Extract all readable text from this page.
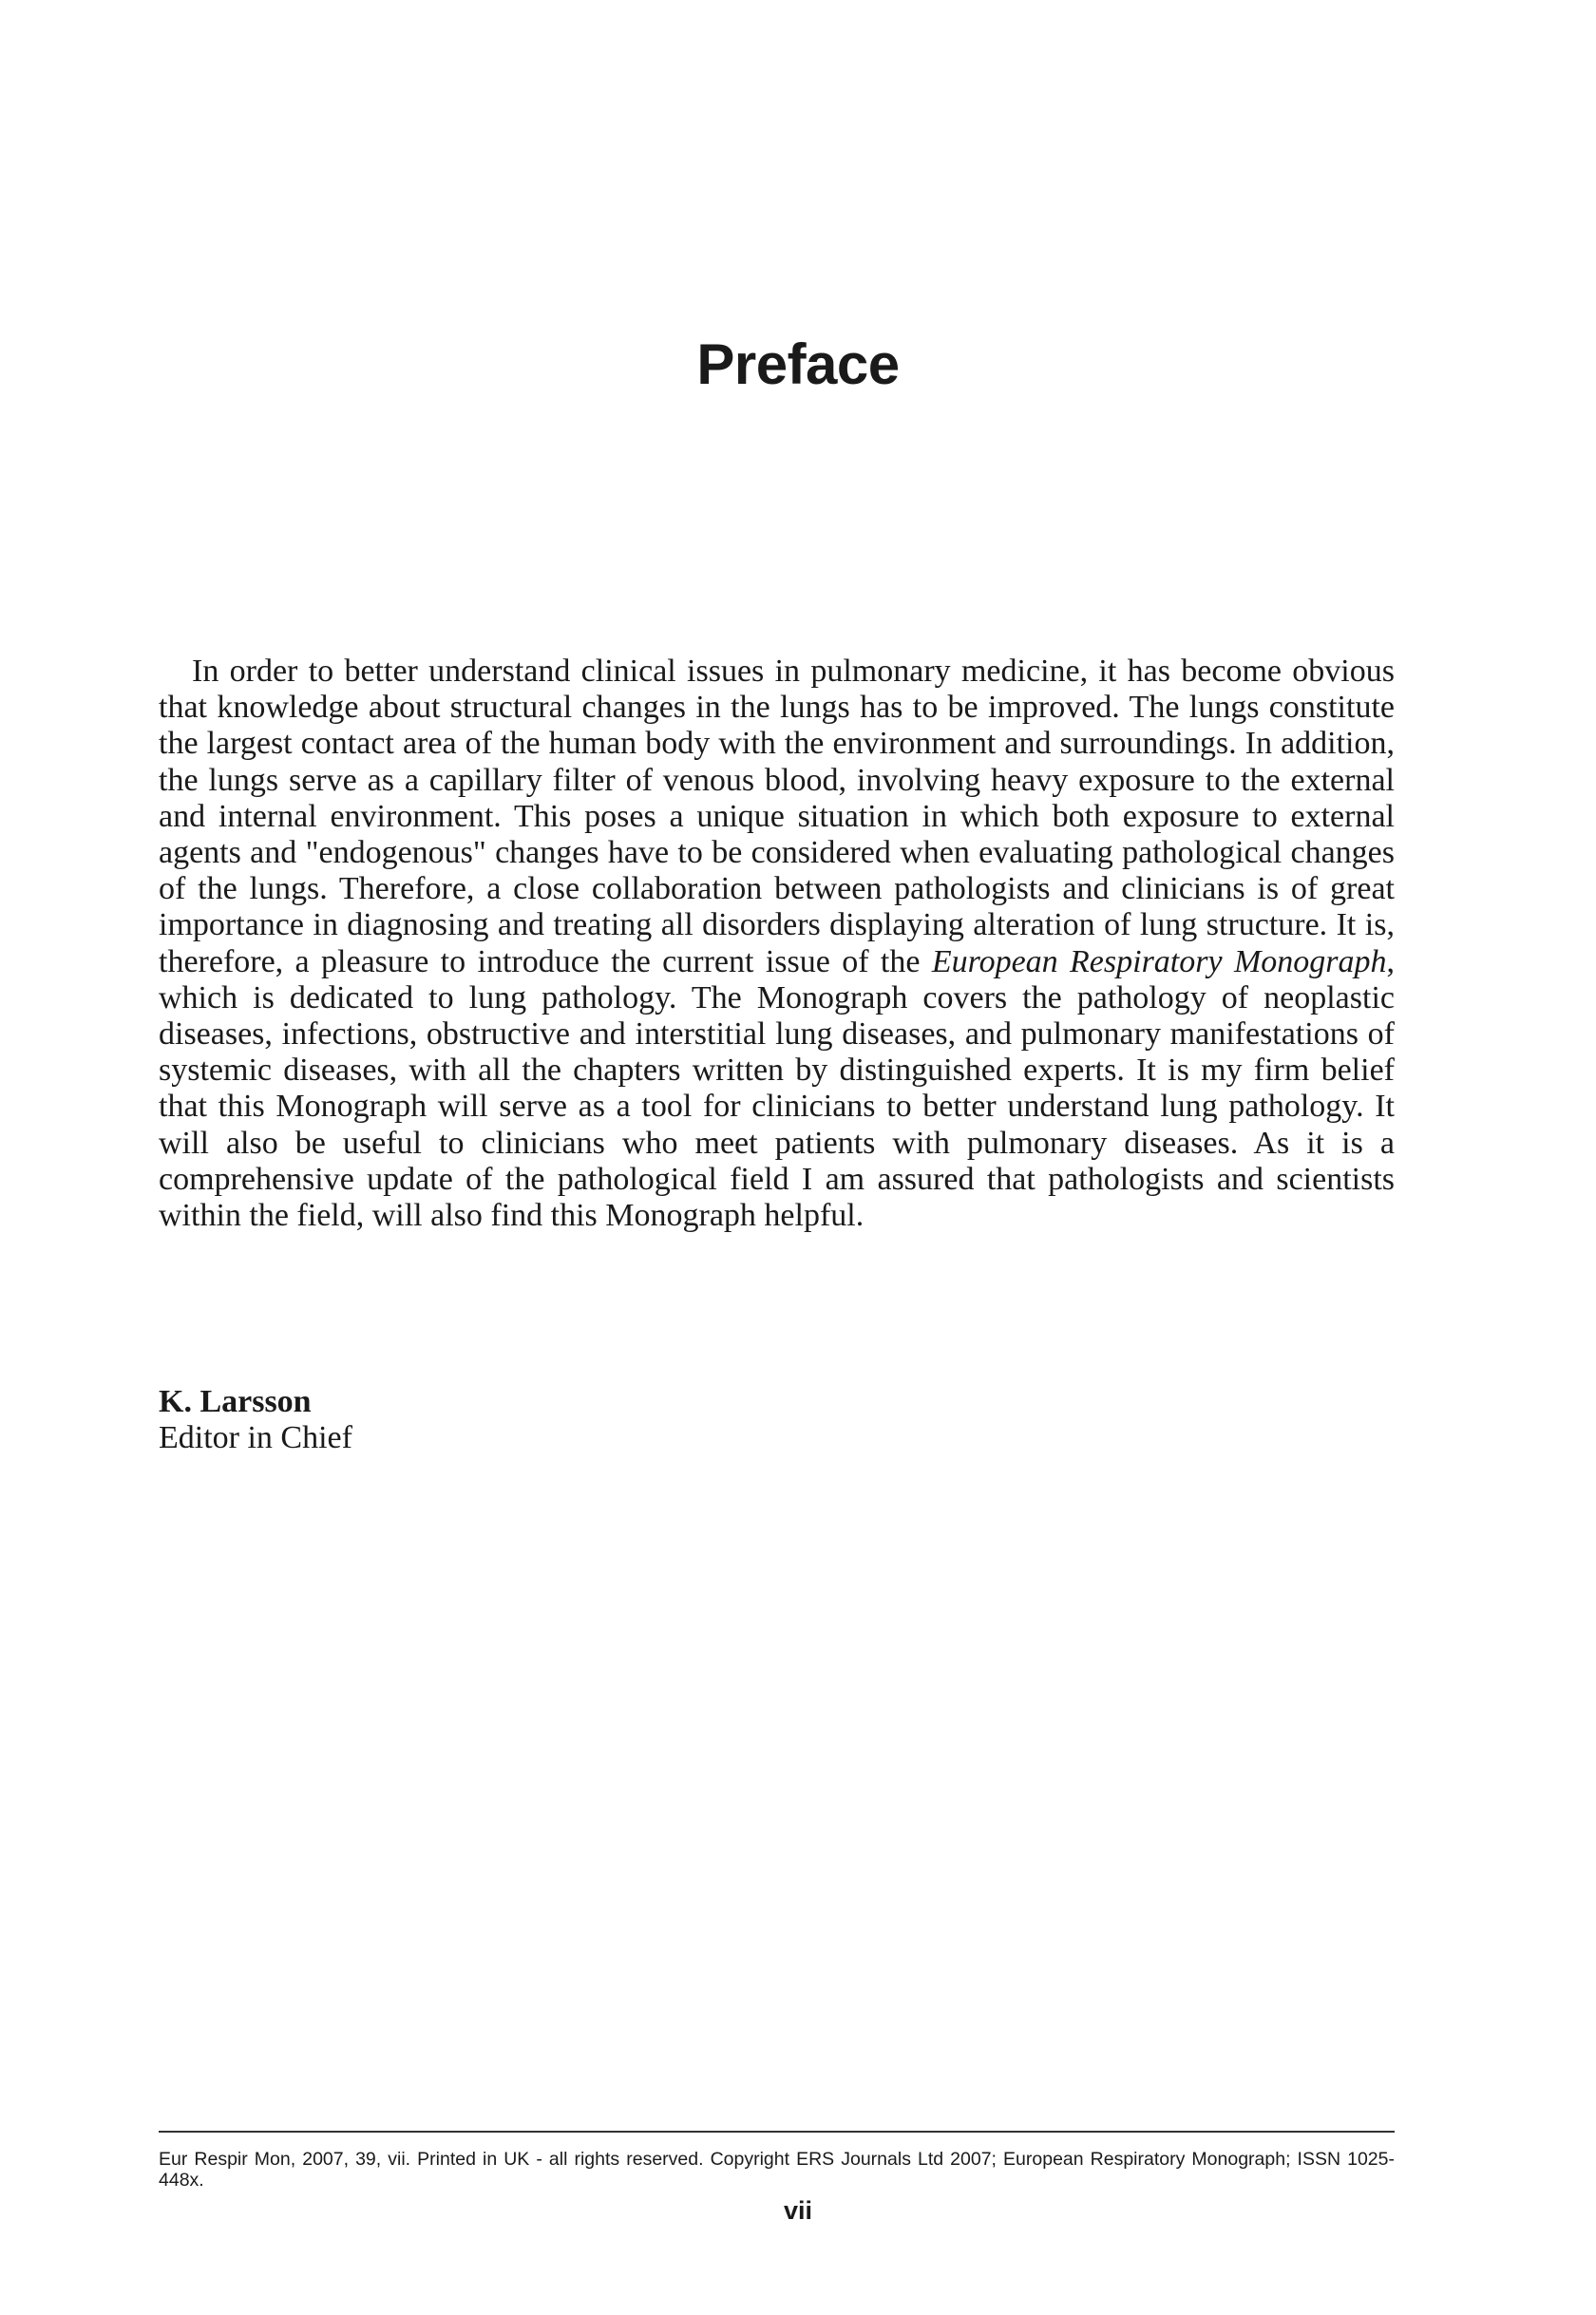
Preface

In order to better understand clinical issues in pulmonary medicine, it has become obvious that knowledge about structural changes in the lungs has to be improved. The lungs constitute the largest contact area of the human body with the environment and surroundings. In addition, the lungs serve as a capillary filter of venous blood, involving heavy exposure to the external and internal environment. This poses a unique situation in which both exposure to external agents and "endogenous" changes have to be considered when evaluating pathological changes of the lungs. Therefore, a close collaboration between pathologists and clinicians is of great importance in diagnosing and treating all disorders displaying alteration of lung structure. It is, therefore, a pleasure to introduce the current issue of the European Respiratory Monograph, which is dedicated to lung pathology. The Monograph covers the pathology of neoplastic diseases, infections, obstructive and interstitial lung diseases, and pulmonary manifestations of systemic diseases, with all the chapters written by distinguished experts. It is my firm belief that this Monograph will serve as a tool for clinicians to better understand lung pathology. It will also be useful to clinicians who meet patients with pulmonary diseases. As it is a comprehensive update of the pathological field I am assured that pathologists and scientists within the field, will also find this Monograph helpful.

K. Larsson
Editor in Chief

Eur Respir Mon, 2007, 39, vii. Printed in UK - all rights reserved. Copyright ERS Journals Ltd 2007; European Respiratory Monograph; ISSN 1025-448x.

vii
